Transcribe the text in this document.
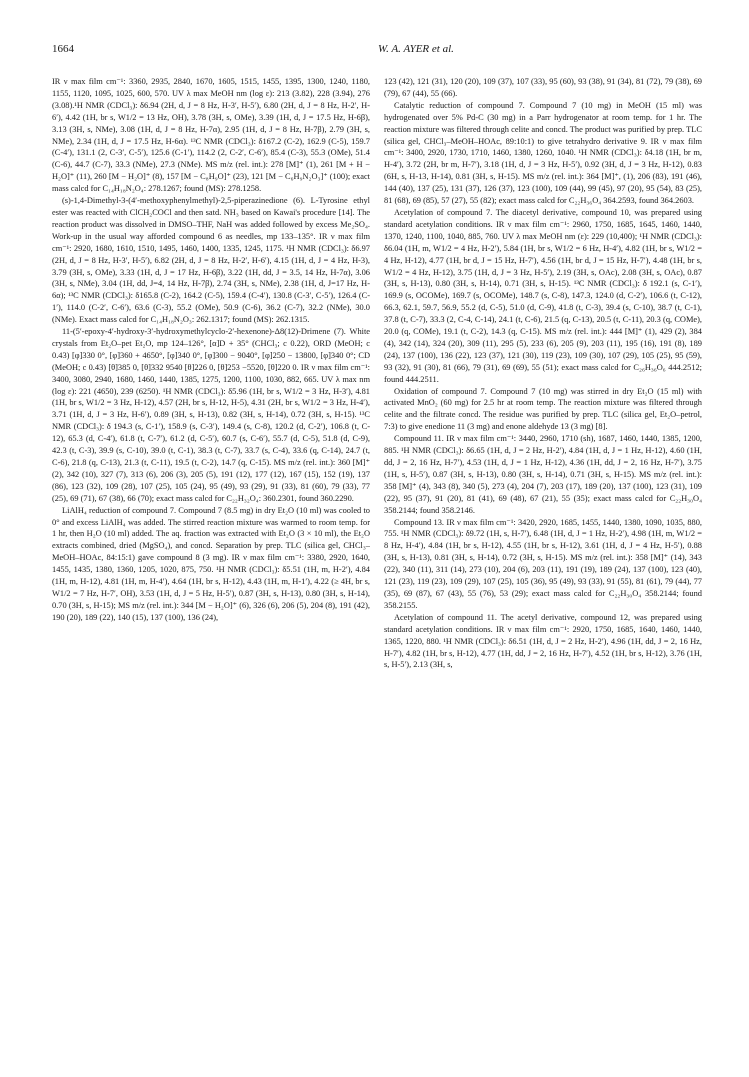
1664	W. A. AYER et al.

IR ν max film cm⁻¹: 3360, 2935, 2840, 1670, 1605, 1515, 1455, 1395, 1300, 1240, 1180, 1155, 1120, 1095, 1025, 600, 570. UV λ max MeOH nm (log ε): 213 (3.82), 228 (3.94), 276 (3.08).¹H NMR (CDCl₃): δ6.94 (2H, d, J = 8 Hz, H-3′, H-5′), 6.80 (2H, d, J = 8 Hz, H-2′, H-6′), 4.42 (1H, br s, W1/2 = 13 Hz, OH), 3.78 (3H, s, OMe), 3.39 (1H, d, J = 17.5 Hz, H-6β), 3.13 (3H, s, NMe), 3.08 (1H, d, J = 8 Hz, H-7α), 2.95 (1H, d, J = 8 Hz, H-7β), 2.79 (3H, s, NMe), 2.34 (1H, d, J = 17.5 Hz, H-6α). ¹³C NMR (CDCl₃): δ167.2 (C-2), 162.9 (C-5), 159.7 (C-4′), 131.1 (2, C-3′, C-5′), 125.6 (C-1′), 114.2 (2, C-2′, C-6′), 85.4 (C-3), 55.3 (OMe), 51.4 (C-6), 44.7 (C-7), 33.3 (NMe), 27.3 (NMe). MS m/z (rel. int.): 278 [M]⁺ (1), 261 [M + H − H₂O]⁺ (11), 260 [M − H₂O]⁺ (8), 157 [M − C₈H₉O]⁺ (23), 121 [M − C₆H₉N₂O₃]⁺ (100); exact mass calcd for C₁₄H₁₈N₂O₄: 278.1267; found (MS): 278.1258.

(s)-1,4-Dimethyl-3-(4′-methoxyphenylmethyl)-2,5-piperazinedione (6). L-Tyrosine ethyl ester was reacted with ClCH₂COCl and then satd. NH₃ based on Kawai's procedure [14]. The reaction product was dissolved in DMSO–THF, NaH was added followed by excess Me₂SO₄. Work-up in the usual way afforded compound 6 as needles, mp 133–135°. IR ν max film cm⁻¹: 2920, 1680, 1610, 1510, 1495, 1460, 1400, 1335, 1245, 1175. ¹H NMR (CDCl₃): δ6.97 (2H, d, J = 8 Hz, H-3′, H-5′), 6.82 (2H, d, J = 8 Hz, H-2′, H-6′), 4.15 (1H, d, J = 4 Hz, H-3), 3.79 (3H, s, OMe), 3.33 (1H, d, J = 17 Hz, H-6β), 3.22 (1H, dd, J = 3.5, 14 Hz, H-7α), 3.06 (3H, s, NMe), 3.04 (1H, dd, J=4, 14 Hz, H-7β), 2.74 (3H, s, NMe), 2.38 (1H, d, J=17 Hz, H-6α); ¹³C NMR (CDCl₃): δ165.8 (C-2), 164.2 (C-5), 159.4 (C-4′), 130.8 (C-3′, C-5′), 126.4 (C-1′), 114.0 (C-2′, C-6′), 63.6 (C-3), 55.2 (OMe), 50.9 (C-6), 36.2 (C-7), 32.2 (NMe), 30.0 (NMe). Exact mass calcd for C₁₄H₁₈N₂O₃: 262.1317; found (MS): 262.1315.

11-(5′-epoxy-4′-hydroxy-3′-hydroxymethylcyclo-2′-hexenone)-Δ8(12)-Drimene (7). White crystals from Et₂O–pet Et₂O, mp 124–126°, [α]D + 35° (CHCl₃; c 0.22), ORD (MeOH; c 0.43) [φ]330 0°, [φ]360 + 4650°, [φ]340 0°, [φ]300 − 9040°, [φ]250 − 13800, [φ]340 0°; CD (MeOH; c 0.43) [θ]385 0, [θ]332 9540 [θ]226 0, [θ]253 −5520, [θ]220 0. IR ν max film cm⁻¹: 3400, 3080, 2940, 1680, 1460, 1440, 1385, 1275, 1200, 1100, 1030, 882, 665. UV λ max nm (log ε): 221 (4650), 239 (6250). ¹H NMR (CDCl₃): δ5.96 (1H, br s, W1/2 = 3 Hz, H-3′), 4.81 (1H, br s, W1/2 = 3 Hz, H-12), 4.57 (2H, br s, H-12, H-5), 4.31 (2H, br s, W1/2 = 3 Hz, H-4′), 3.71 (1H, d, J = 3 Hz, H-6′), 0.89 (3H, s, H-13), 0.82 (3H, s, H-14), 0.72 (3H, s, H-15). ¹³C NMR (CDCl₃): δ 194.3 (s, C-1′), 158.9 (s, C-3′), 149.4 (s, C-8), 120.2 (d, C-2′), 106.8 (t, C-12), 65.3 (d, C-4′), 61.8 (t, C-7′), 61.2 (d, C-5′), 60.7 (s, C-6′), 55.7 (d, C-5), 51.8 (d, C-9), 42.3 (t, C-3), 39.9 (s, C-10), 39.0 (t, C-1), 38.3 (t, C-7), 33.7 (s, C-4), 33.6 (q, C-14), 24.7 (t, C-6), 21.8 (q, C-13), 21.3 (t, C-11), 19.5 (t, C-2), 14.7 (q, C-15). MS m/z (rel. int.): 360 [M]⁺ (2), 342 (10), 327 (7), 313 (6), 206 (3), 205 (5), 191 (12), 177 (12), 167 (15), 152 (19), 137 (86), 123 (32), 109 (28), 107 (25), 105 (24), 95 (49), 93 (29), 91 (33), 81 (60), 79 (33), 77 (25), 69 (71), 67 (38), 66 (70); exact mass calcd for C₂₂H₃₂O₄: 360.2301, found 360.2290.

LiAlH₄ reduction of compound 7. Compound 7 (8.5 mg) in dry Et₂O (10 ml) was cooled to 0° and excess LiAlH₄ was added. The stirred reaction mixture was warmed to room temp. for 1 hr, then H₂O (10 ml) added. The aq. fraction was extracted with Et₂O (3 × 10 ml), the Et₂O extracts combined, dried (MgSO₄), and concd. Separation by prep. TLC (silica gel, CHCl₃–MeOH–HOAc, 84:15:1) gave compound 8 (3 mg). IR ν max film cm⁻¹: 3380, 2920, 1640, 1455, 1435, 1380, 1360, 1205, 1020, 875, 750. ¹H NMR (CDCl₃): δ5.51 (1H, m, H-2′), 4.84 (1H, m, H-12), 4.81 (1H, m, H-4′), 4.64 (1H, br s, H-12), 4.43 (1H, m, H-1′), 4.22 (≥ 4H, br s, W1/2 = 7 Hz, H-7′, OH), 3.53 (1H, d, J = 5 Hz, H-5′), 0.87 (3H, s, H-13), 0.80 (3H, s, H-14), 0.70 (3H, s, H-15); MS m/z (rel. int.): 344 [M − H₂O]⁺ (6), 326 (6), 206 (5), 204 (8), 191 (42), 190 (20), 189 (22), 140 (15), 137 (100), 136 (24),

123 (42), 121 (31), 120 (20), 109 (37), 107 (33), 95 (60), 93 (38), 91 (34), 81 (72), 79 (38), 69 (79), 67 (44), 55 (66).

Catalytic reduction of compound 7. Compound 7 (10 mg) in MeOH (15 ml) was hydrogenated over 5% Pd-C (30 mg) in a Parr hydrogenator at room temp. for 1 hr. The reaction mixture was filtered through celite and concd. The product was purified by prep. TLC (silica gel, CHCl₃–MeOH–HOAc, 89:10:1) to give tetrahydro derivative 9. IR ν max film cm⁻¹: 3400, 2920, 1730, 1710, 1460, 1380, 1260, 1040. ¹H NMR (CDCl₃): δ4.18 (1H, br m, H-4′), 3.72 (2H, br m, H-7′), 3.18 (1H, d, J = 3 Hz, H-5′), 0.92 (3H, d, J = 3 Hz, H-12), 0.83 (6H, s, H-13, H-14), 0.81 (3H, s, H-15). MS m/z (rel. int.): 364 [M]⁺, (1), 206 (83), 191 (46), 144 (40), 137 (25), 131 (37), 126 (37), 123 (100), 109 (44), 99 (45), 97 (20), 95 (54), 83 (25), 81 (68), 69 (85), 57 (27), 55 (82); exact mass calcd for C₂₂H₃₆O₄ 364.2593, found 364.2603.

Acetylation of compound 7. The diacetyl derivative, compound 10, was prepared using standard acetylation conditions. IR ν max film cm⁻¹: 2960, 1750, 1685, 1645, 1460, 1440, 1370, 1240, 1100, 1040, 885, 760. UV λ max MeOH nm (ε): 229 (10,400); ¹H NMR (CDCl₃): δ6.04 (1H, m, W1/2 = 4 Hz, H-2′), 5.84 (1H, br s, W1/2 = 6 Hz, H-4′), 4.82 (1H, br s, W1/2 = 4 Hz, H-12), 4.77 (1H, br d, J = 15 Hz, H-7′), 4.56 (1H, br d, J = 15 Hz, H-7′), 4.48 (1H, br s, W1/2 = 4 Hz, H-12), 3.75 (1H, d, J = 3 Hz, H-5′), 2.19 (3H, s, OAc), 2.08 (3H, s, OAc), 0.87 (3H, s, H-13), 0.80 (3H, s, H-14), 0.71 (3H, s, H-15). ¹³C NMR (CDCl₃): δ 192.1 (s, C-1′), 169.9 (s, OCOMe), 169.7 (s, OCOMe), 148.7 (s, C-8), 147.3, 124.0 (d, C-2′), 106.6 (t, C-12), 66.3, 62.1, 59.7, 56.9, 55.2 (d, C-5), 51.0 (d, C-9), 41.8 (t, C-3), 39.4 (s, C-10), 38.7 (t, C-1), 37.8 (t, C-7), 33.3 (2, C-4, C-14), 24.1 (t, C-6), 21.5 (q, C-13), 20.5 (t, C-11), 20.3 (q, COMe), 20.0 (q, COMe), 19.1 (t, C-2), 14.3 (q, C-15). MS m/z (rel. int.): 444 [M]⁺ (1), 429 (2), 384 (4), 342 (14), 324 (20), 309 (11), 295 (5), 233 (6), 205 (9), 203 (11), 195 (16), 191 (8), 189 (24), 137 (100), 136 (22), 123 (37), 121 (30), 119 (23), 109 (30), 107 (29), 105 (25), 95 (59), 93 (32), 91 (30), 81 (66), 79 (31), 69 (69), 55 (51); exact mass calcd for C₂₆H₃₆O₆ 444.2512; found 444.2511.

Oxidation of compound 7. Compound 7 (10 mg) was stirred in dry Et₂O (15 ml) with activated MnO₂ (60 mg) for 2.5 hr at room temp. The reaction mixture was filtered through celite and the filtrate concd. The residue was purified by prep. TLC (silica gel, Et₂O–petrol, 7:3) to give enedione 11 (3 mg) and enone aldehyde 13 (3 mg) [8].

Compound 11. IR ν max film cm⁻¹: 3440, 2960, 1710 (sh), 1687, 1460, 1440, 1385, 1200, 885. ¹H NMR (CDCl₃): δ6.65 (1H, d, J = 2 Hz, H-2′), 4.84 (1H, d, J = 1 Hz, H-12), 4.60 (1H, dd, J = 2, 16 Hz, H-7′), 4.53 (1H, d, J = 1 Hz, H-12), 4.36 (1H, dd, J = 2, 16 Hz, H-7′), 3.75 (1H, s, H-5′), 0.87 (3H, s, H-13), 0.80 (3H, s, H-14), 0.71 (3H, s, H-15). MS m/z (rel. int.): 358 [M]⁺ (4), 343 (8), 340 (5), 273 (4), 204 (7), 203 (17), 189 (20), 137 (100), 123 (31), 109 (22), 95 (37), 91 (20), 81 (41), 69 (48), 67 (21), 55 (35); exact mass calcd for C₂₂H₃₀O₄ 358.2144; found 358.2146.

Compound 13. IR ν max film cm⁻¹: 3420, 2920, 1685, 1455, 1440, 1380, 1090, 1035, 880, 755. ¹H NMR (CDCl₃): δ9.72 (1H, s, H-7′), 6.48 (1H, d, J = 1 Hz, H-2′), 4.98 (1H, m, W1/2 = 8 Hz, H-4′), 4.84 (1H, br s, H-12), 4.55 (1H, br s, H-12), 3.61 (1H, d, J = 4 Hz, H-5′), 0.88 (3H, s, H-13), 0.81 (3H, s, H-14), 0.72 (3H, s, H-15). MS m/z (rel. int.): 358 [M]⁺ (14), 343 (22), 340 (11), 311 (14), 273 (10), 204 (6), 203 (11), 191 (19), 189 (24), 137 (100), 123 (40), 121 (23), 119 (23), 109 (29), 107 (25), 105 (36), 95 (49), 93 (33), 91 (55), 81 (61), 79 (44), 77 (35), 69 (87), 67 (43), 55 (76), 53 (29); exact mass calcd for C₂₂H₃₀O₄ 358.2144; found 358.2155.

Acetylation of compound 11. The acetyl derivative, compound 12, was prepared using standard acetylation conditions. IR ν max film cm⁻¹: 2920, 1750, 1685, 1640, 1460, 1440, 1365, 1220, 880. ¹H NMR (CDCl₃): δ6.51 (1H, d, J = 2 Hz, H-2′), 4.96 (1H, dd, J = 2, 16 Hz, H-7′), 4.82 (1H, br s, H-12), 4.77 (1H, dd, J = 2, 16 Hz, H-7′), 4.52 (1H, br s, H-12), 3.76 (1H, s, H-5′), 2.13 (3H, s,
